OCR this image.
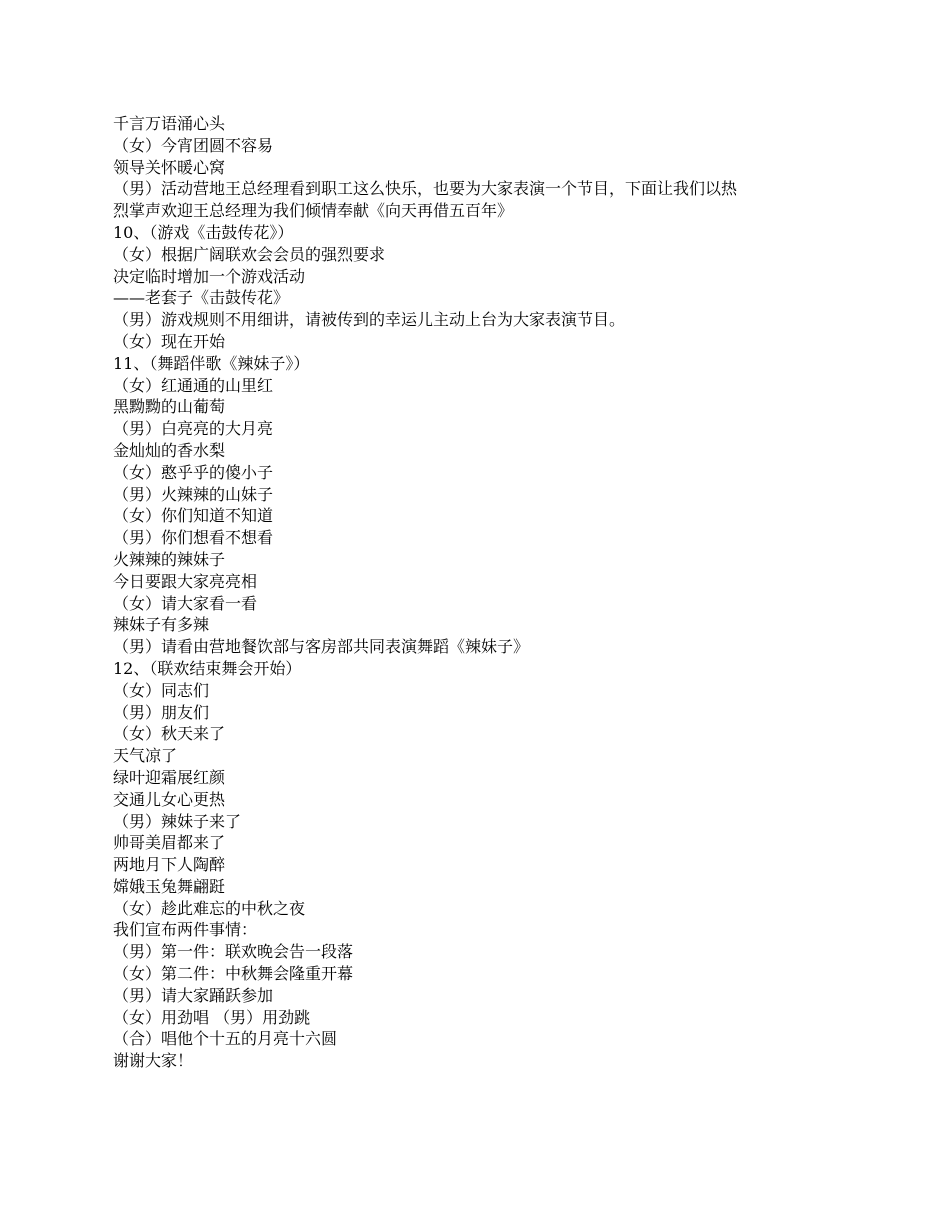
千言万语涌心头

（女）今宵团圆不容易

领导关怀暖心窝

（男）活动营地王总经理看到职工这么快乐，也要为大家表演一个节目，下面让我们以热

烈掌声欢迎王总经理为我们倾情奉献《向天再借五百年》

10、（游戏《击鼓传花》）

（女）根据广阔联欢会会员的强烈要求

决定临时增加一个游戏活动

——老套子《击鼓传花》

（男）游戏规则不用细讲，请被传到的幸运儿主动上台为大家表演节目。

（女）现在开始

11、（舞蹈伴歌《辣妹子》）

（女）红通通的山里红

黑黝黝的山葡萄

（男）白亮亮的大月亮

金灿灿的香水梨

（女）憨乎乎的傻小子

（男）火辣辣的山妹子

（女）你们知道不知道

（男）你们想看不想看

火辣辣的辣妹子

今日要跟大家亮亮相

（女）请大家看一看

辣妹子有多辣

（男）请看由营地餐饮部与客房部共同表演舞蹈《辣妹子》

12、（联欢结束舞会开始）

（女）同志们

（男）朋友们

（女）秋天来了

天气凉了

绿叶迎霜展红颜

交通儿女心更热

（男）辣妹子来了

帅哥美眉都来了

两地月下人陶醉

嫦娥玉兔舞翩跹

（女）趁此难忘的中秋之夜

我们宣布两件事情：

（男）第一件：联欢晚会告一段落

（女）第二件：中秋舞会隆重开幕

（男）请大家踊跃参加

（女）用劲唱 （男）用劲跳

（合）唱他个十五的月亮十六圆

谢谢大家！
